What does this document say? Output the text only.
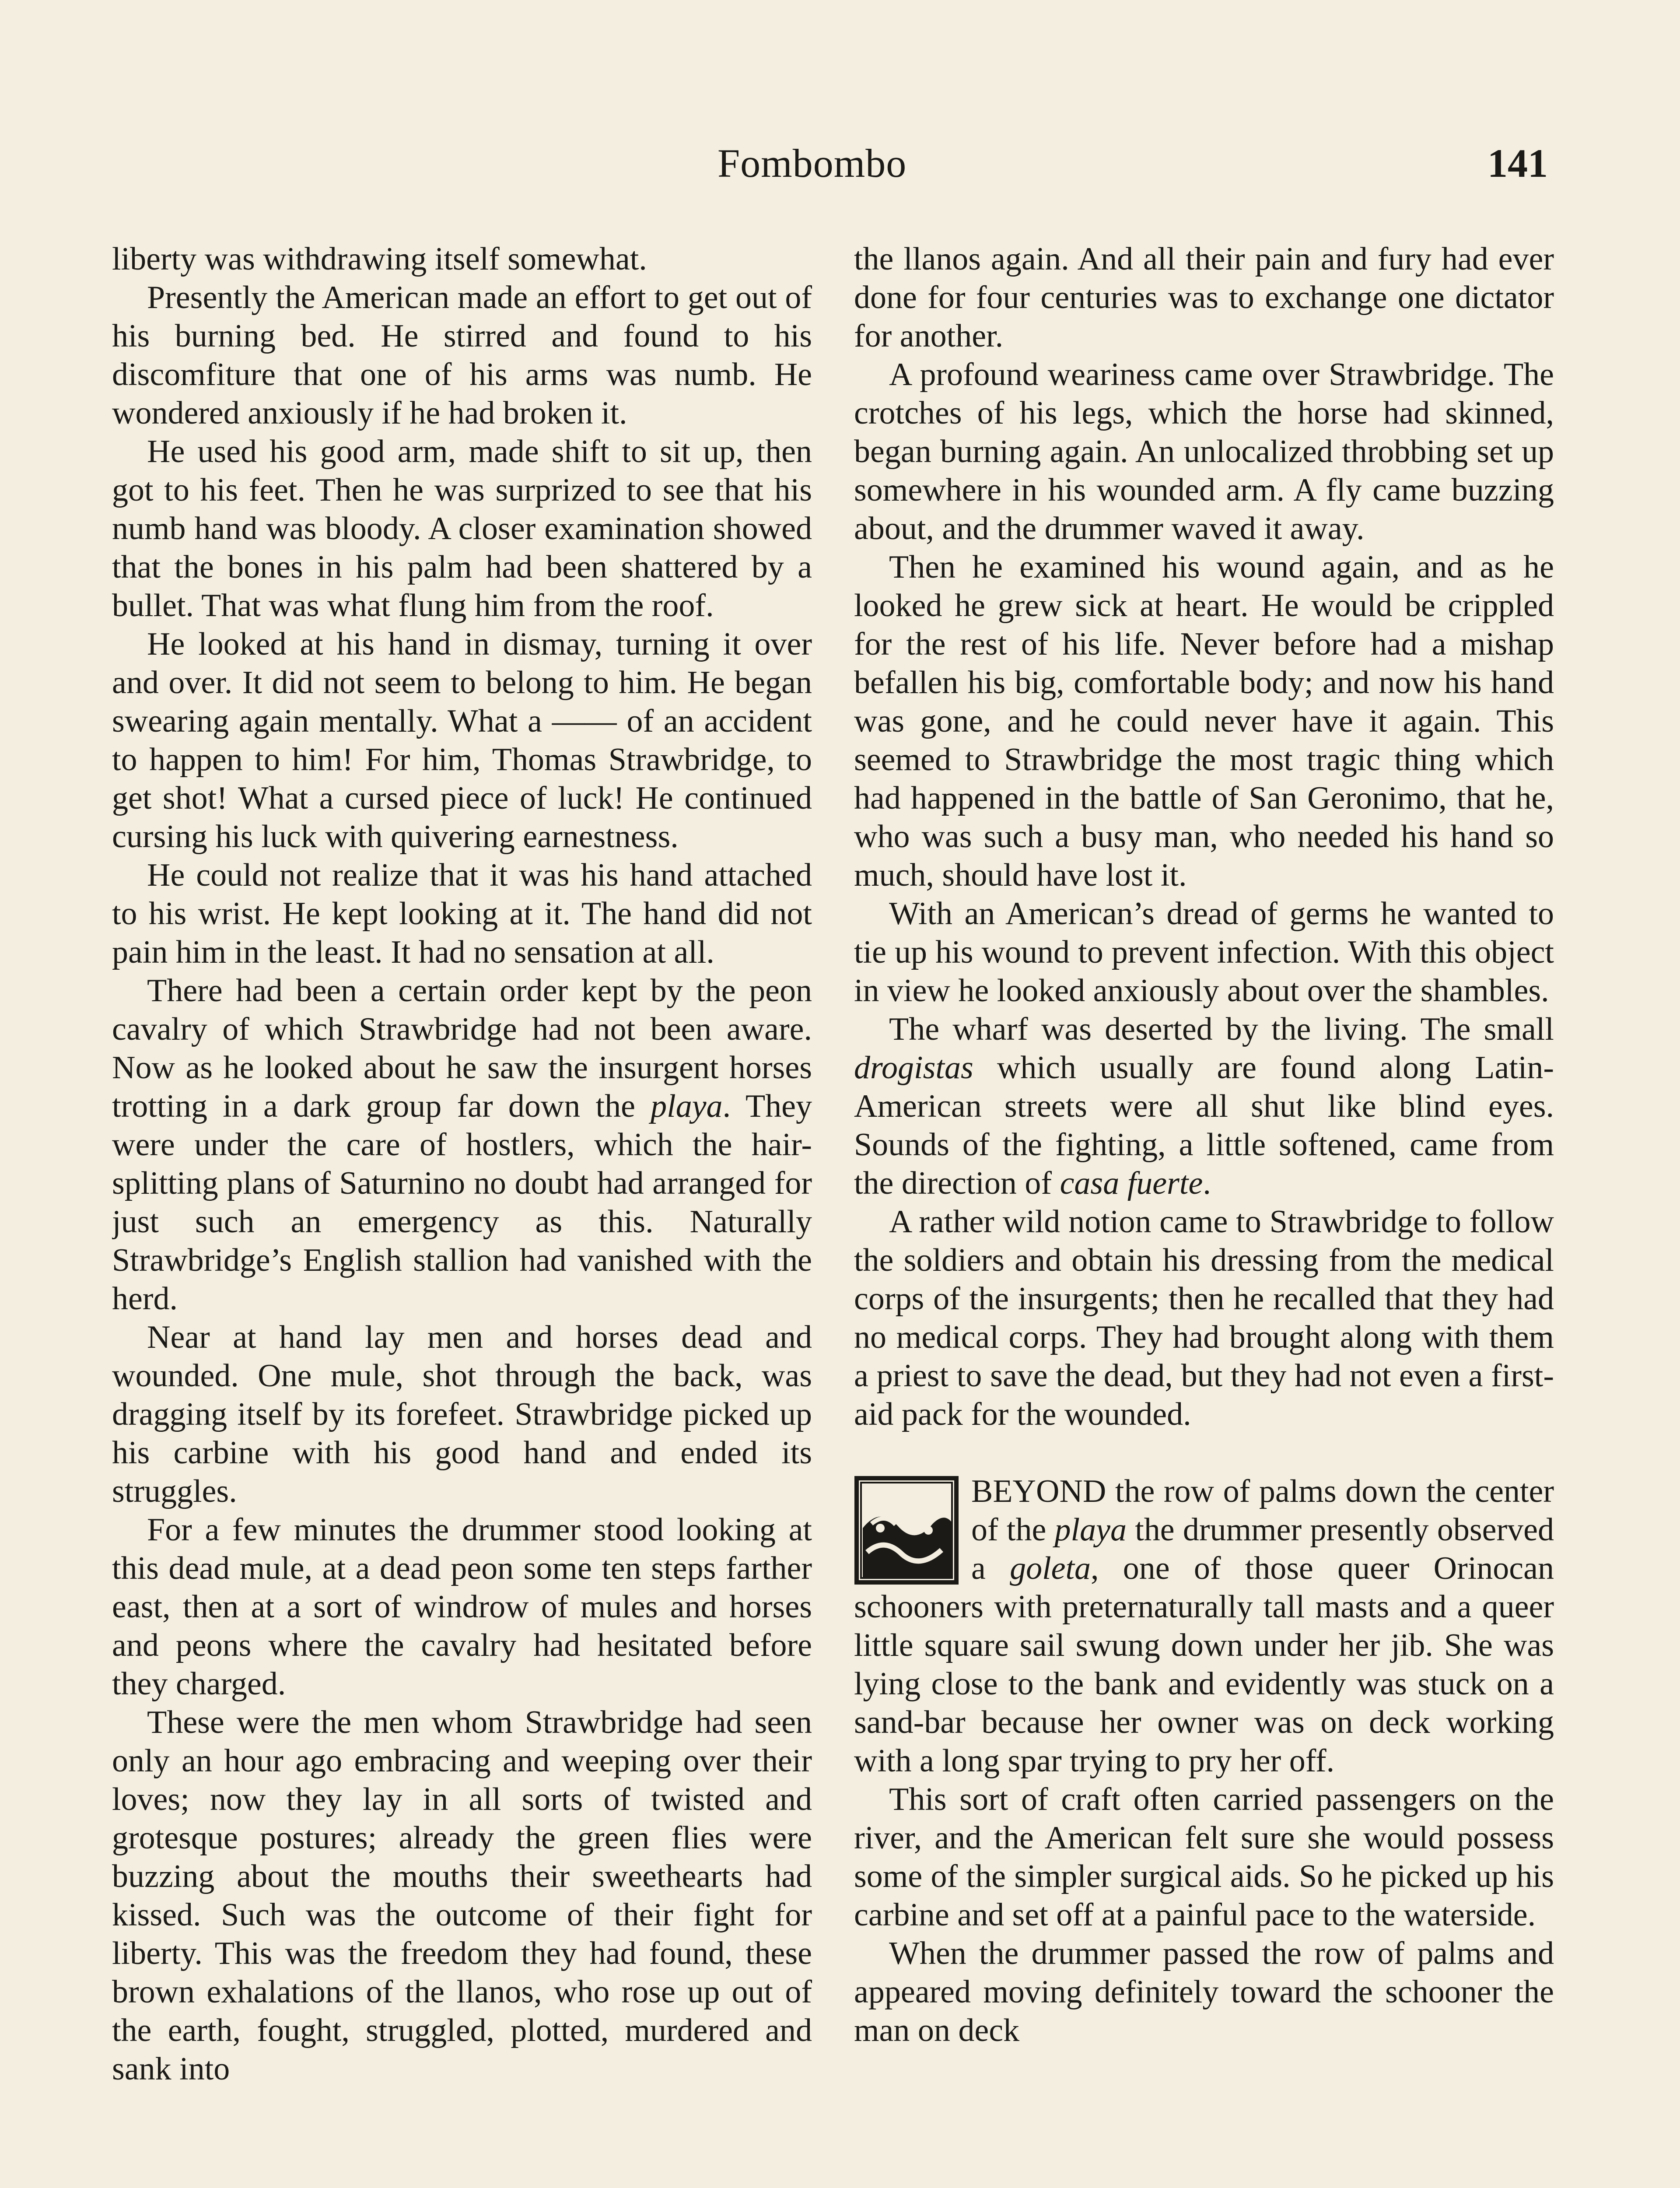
Fombombo	141

liberty was withdrawing itself somewhat.

Presently the American made an effort to get out of his burning bed. He stirred and found to his discomfiture that one of his arms was numb. He wondered anxiously if he had broken it.

He used his good arm, made shift to sit up, then got to his feet. Then he was surprized to see that his numb hand was bloody. A closer examination showed that the bones in his palm had been shattered by a bullet. That was what flung him from the roof.

He looked at his hand in dismay, turning it over and over. It did not seem to belong to him. He began swearing again mentally. What a —— of an accident to happen to him! For him, Thomas Strawbridge, to get shot! What a cursed piece of luck! He continued cursing his luck with quivering earnestness.

He could not realize that it was his hand attached to his wrist. He kept looking at it. The hand did not pain him in the least. It had no sensation at all.

There had been a certain order kept by the peon cavalry of which Strawbridge had not been aware. Now as he looked about he saw the insurgent horses trotting in a dark group far down the playa. They were under the care of hostlers, which the hair-splitting plans of Saturnino no doubt had arranged for just such an emergency as this. Naturally Strawbridge’s English stallion had vanished with the herd.

Near at hand lay men and horses dead and wounded. One mule, shot through the back, was dragging itself by its forefeet. Strawbridge picked up his carbine with his good hand and ended its struggles.

For a few minutes the drummer stood looking at this dead mule, at a dead peon some ten steps farther east, then at a sort of windrow of mules and horses and peons where the cavalry had hesitated before they charged.

These were the men whom Strawbridge had seen only an hour ago embracing and weeping over their loves; now they lay in all sorts of twisted and grotesque postures; already the green flies were buzzing about the mouths their sweethearts had kissed. Such was the outcome of their fight for liberty. This was the freedom they had found, these brown exhalations of the llanos, who rose up out of the earth, fought, struggled, plotted, murdered and sank into

the llanos again. And all their pain and fury had ever done for four centuries was to exchange one dictator for another.

A profound weariness came over Strawbridge. The crotches of his legs, which the horse had skinned, began burning again. An unlocalized throbbing set up somewhere in his wounded arm. A fly came buzzing about, and the drummer waved it away.

Then he examined his wound again, and as he looked he grew sick at heart. He would be crippled for the rest of his life. Never before had a mishap befallen his big, comfortable body; and now his hand was gone, and he could never have it again. This seemed to Strawbridge the most tragic thing which had happened in the battle of San Geronimo, that he, who was such a busy man, who needed his hand so much, should have lost it.

With an American’s dread of germs he wanted to tie up his wound to prevent infection. With this object in view he looked anxiously about over the shambles.

The wharf was deserted by the living. The small drogistas which usually are found along Latin-American streets were all shut like blind eyes. Sounds of the fighting, a little softened, came from the direction of casa fuerte.

A rather wild notion came to Strawbridge to follow the soldiers and obtain his dressing from the medical corps of the insurgents; then he recalled that they had no medical corps. They had brought along with them a priest to save the dead, but they had not even a first-aid pack for the wounded.

BEYOND the row of palms down the center of the playa the drummer presently observed a goleta, one of those queer Orinocan schooners with preternaturally tall masts and a queer little square sail swung down under her jib. She was lying close to the bank and evidently was stuck on a sand-bar because her owner was on deck working with a long spar trying to pry her off.

This sort of craft often carried passengers on the river, and the American felt sure she would possess some of the simpler surgical aids. So he picked up his carbine and set off at a painful pace to the waterside.

When the drummer passed the row of palms and appeared moving definitely toward the schooner the man on deck
